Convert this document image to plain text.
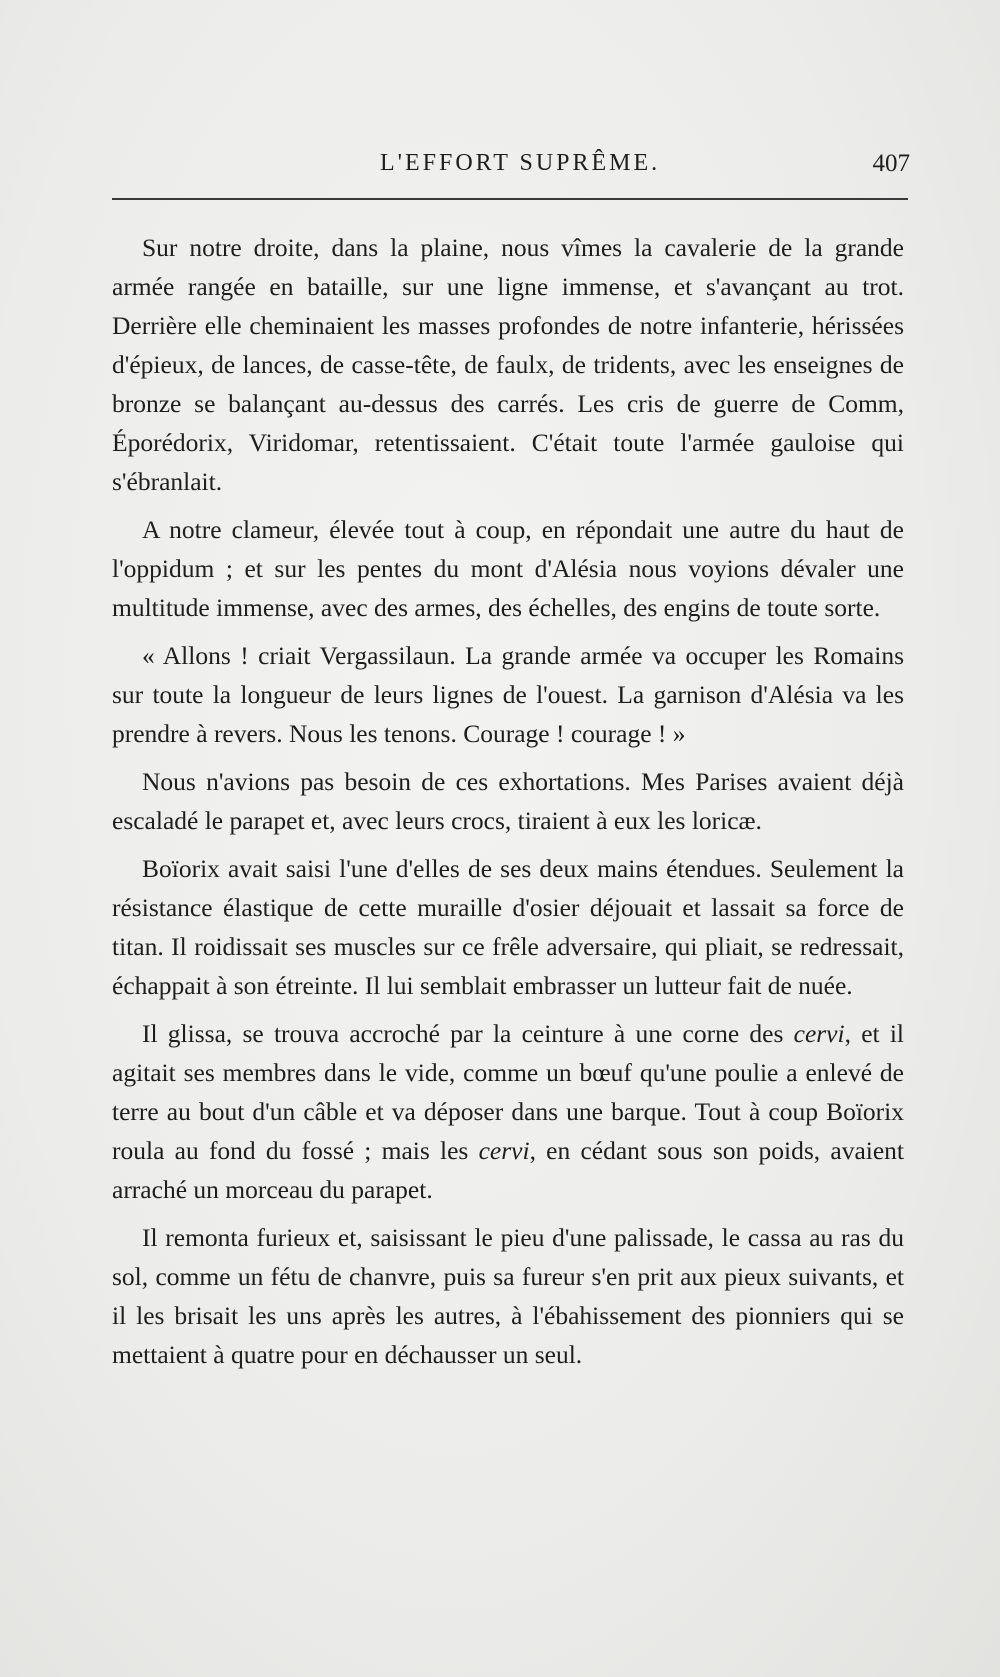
L'EFFORT SUPRÊME.	407

Sur notre droite, dans la plaine, nous vîmes la cavalerie de la grande armée rangée en bataille, sur une ligne immense, et s'avançant au trot. Derrière elle cheminaient les masses profondes de notre infanterie, hérissées d'épieux, de lances, de casse-tête, de faulx, de tridents, avec les enseignes de bronze se balançant au-dessus des carrés. Les cris de guerre de Comm, Éporédorix, Viridomar, retentissaient. C'était toute l'armée gauloise qui s'ébranlait.

A notre clameur, élevée tout à coup, en répondait une autre du haut de l'oppidum ; et sur les pentes du mont d'Alésia nous voyions dévaler une multitude immense, avec des armes, des échelles, des engins de toute sorte.

« Allons ! criait Vergassilaun. La grande armée va occuper les Romains sur toute la longueur de leurs lignes de l'ouest. La garnison d'Alésia va les prendre à revers. Nous les tenons. Courage ! courage ! »

Nous n'avions pas besoin de ces exhortations. Mes Parises avaient déjà escaladé le parapet et, avec leurs crocs, tiraient à eux les loricæ.

Boïorix avait saisi l'une d'elles de ses deux mains étendues. Seulement la résistance élastique de cette muraille d'osier déjouait et lassait sa force de titan. Il roidissait ses muscles sur ce frêle adversaire, qui pliait, se redressait, échappait à son étreinte. Il lui semblait embrasser un lutteur fait de nuée.

Il glissa, se trouva accroché par la ceinture à une corne des cervi, et il agitait ses membres dans le vide, comme un bœuf qu'une poulie a enlevé de terre au bout d'un câble et va déposer dans une barque. Tout à coup Boïorix roula au fond du fossé ; mais les cervi, en cédant sous son poids, avaient arraché un morceau du parapet.

Il remonta furieux et, saisissant le pieu d'une palissade, le cassa au ras du sol, comme un fétu de chanvre, puis sa fureur s'en prit aux pieux suivants, et il les brisait les uns après les autres, à l'ébahissement des pionniers qui se mettaient à quatre pour en déchausser un seul.
